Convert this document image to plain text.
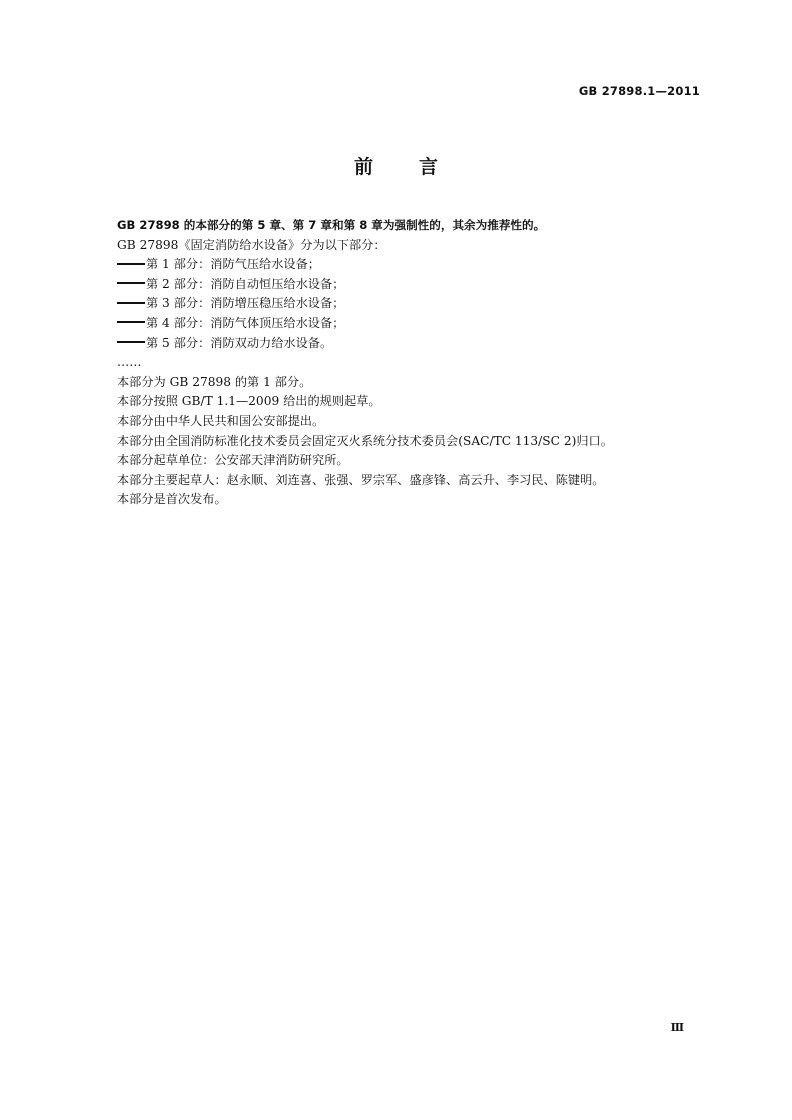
GB 27898.1—2011
前 言
GB 27898 的本部分的第 5 章、第 7 章和第 8 章为强制性的，其余为推荐性的。
GB 27898《固定消防给水设备》分为以下部分：
第 1 部分：消防气压给水设备；
第 2 部分：消防自动恒压给水设备；
第 3 部分：消防增压稳压给水设备；
第 4 部分：消防气体顶压给水设备；
第 5 部分：消防双动力给水设备。
……
本部分为 GB 27898 的第 1 部分。
本部分按照 GB/T 1.1—2009 给出的规则起草。
本部分由中华人民共和国公安部提出。
本部分由全国消防标准化技术委员会固定灭火系统分技术委员会(SAC/TC 113/SC 2)归口。
本部分起草单位：公安部天津消防研究所。
本部分主要起草人：赵永顺、刘连喜、张强、罗宗军、盛彦锋、高云升、李习民、陈键明。
本部分是首次发布。
Ⅲ
